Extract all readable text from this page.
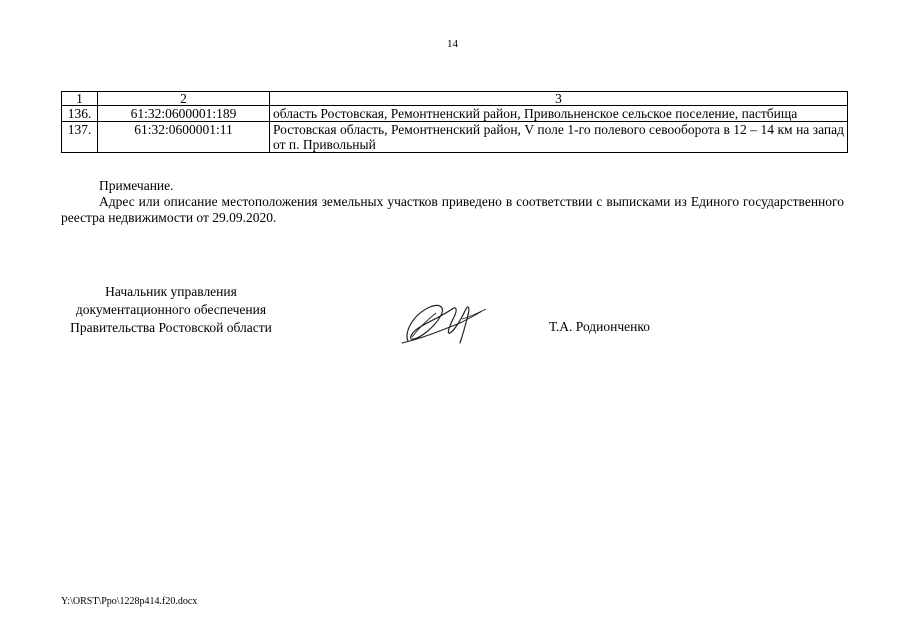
14
1	2	3
136.	61:32:0600001:189	область Ростовская, Ремонтненский район, Привольненское сельское поселение, пастбища
137.	61:32:0600001:11	Ростовская область, Ремонтненский район, V поле 1-го полевого севооборота в 12 – 14 км на запад от п. Привольный

Примечание.

Адрес или описание местоположения земельных участков приведено в соответствии с выписками из Единого государственного реестра недвижимости от 29.09.2020.

Начальник управления
документационного обеспечения
Правительства Ростовской области	Т.А. Родионченко
Y:\ORST\Ppo\1228p414.f20.docx
